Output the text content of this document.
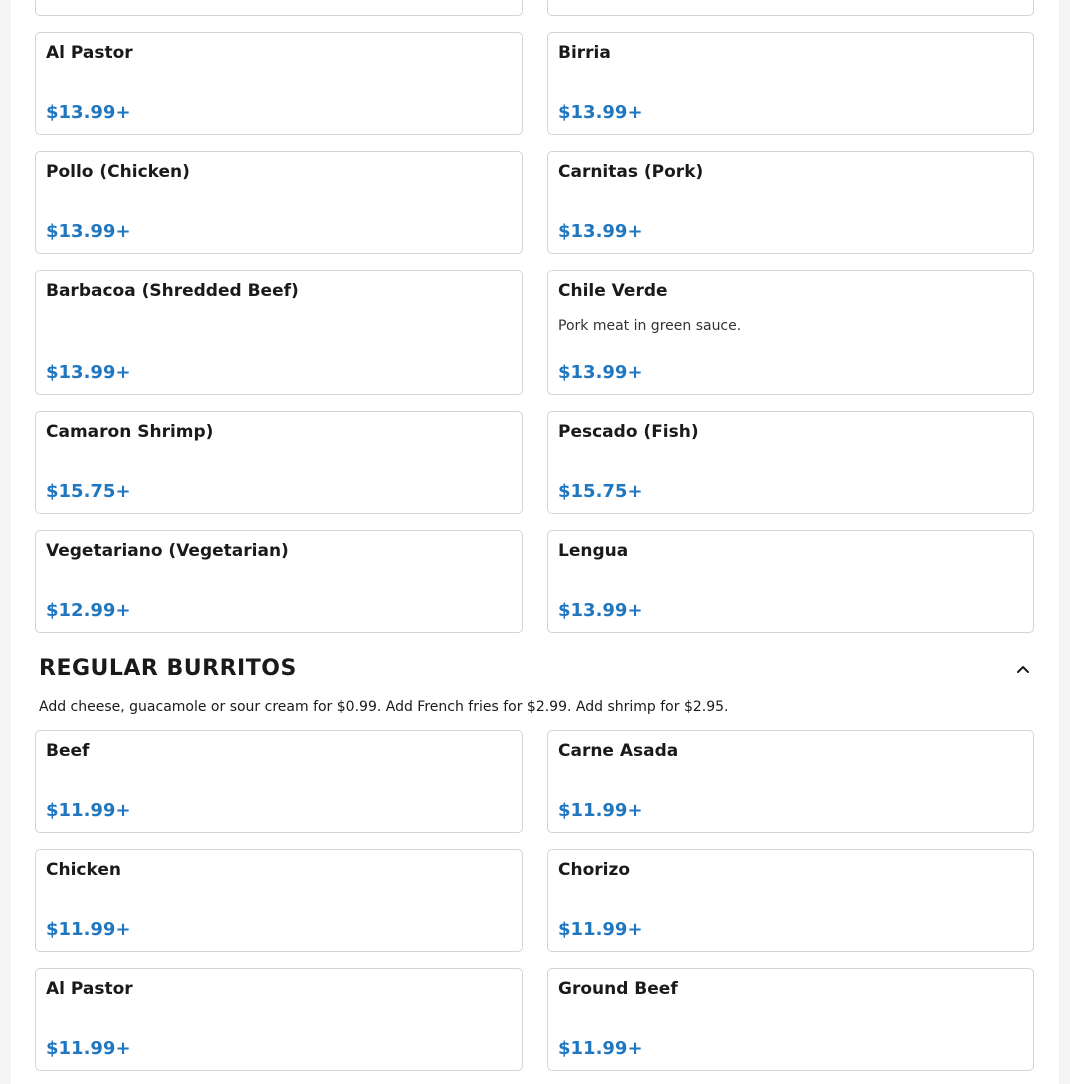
Al Pastor
$13.99+
Birria
$13.99+
Pollo (Chicken)
$13.99+
Carnitas (Pork)
$13.99+
Barbacoa (Shredded Beef)
$13.99+
Chile Verde
Pork meat in green sauce.
$13.99+
Camaron Shrimp)
$15.75+
Pescado (Fish)
$15.75+
Vegetariano (Vegetarian)
$12.99+
Lengua
$13.99+
REGULAR BURRITOS
Add cheese, guacamole or sour cream for $0.99. Add French fries for $2.99. Add shrimp for $2.95.
Beef
$11.99+
Carne Asada
$11.99+
Chicken
$11.99+
Chorizo
$11.99+
Al Pastor
$11.99+
Ground Beef
$11.99+
